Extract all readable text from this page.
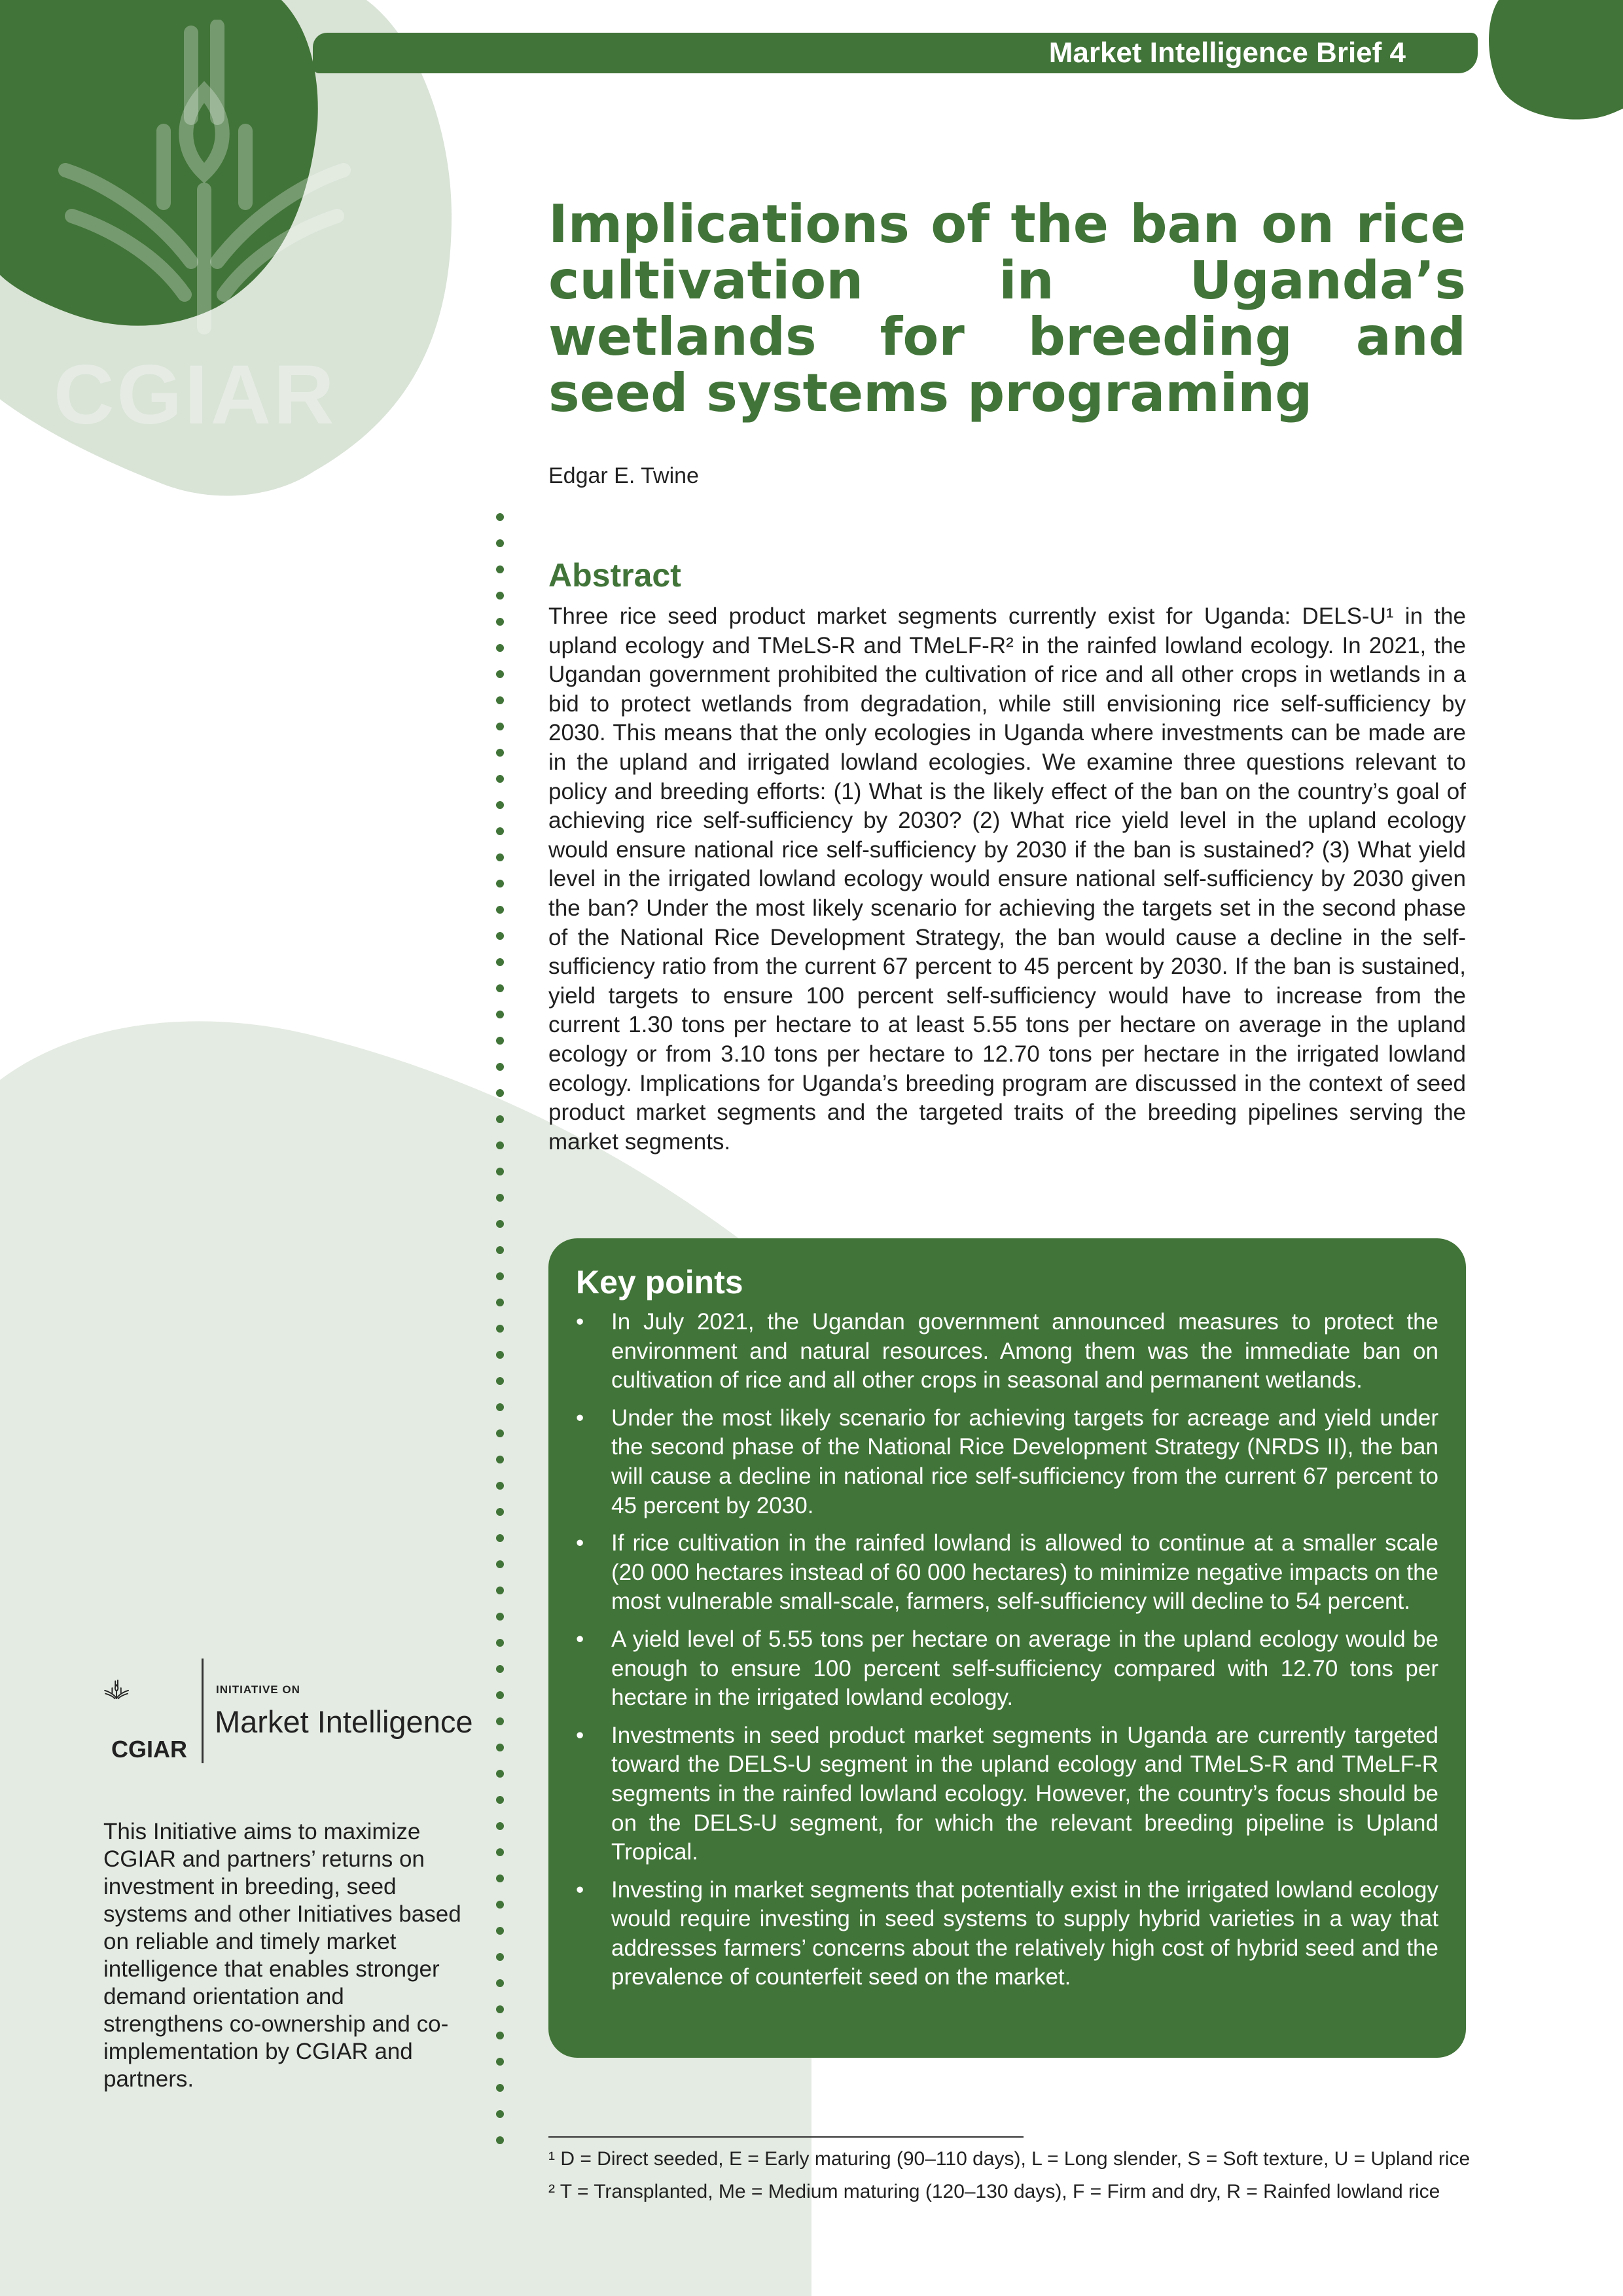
CGIAR
Market Intelligence Brief 4
Implications of the ban on rice cultivation in Uganda’s wetlands for breeding and seed systems programing
Edgar E. Twine
Abstract

Three rice seed product market segments currently exist for Uganda: DELS-U¹ in the upland ecology and TMeLS-R and TMeLF-R² in the rainfed lowland ecology. In 2021, the Ugandan government prohibited the cultivation of rice and all other crops in wetlands in a bid to protect wetlands from degradation, while still envisioning rice self-sufficiency by 2030. This means that the only ecologies in Uganda where investments can be made are in the upland and irrigated lowland ecologies. We examine three questions relevant to policy and breeding efforts: (1) What is the likely effect of the ban on the country’s goal of achieving rice self-sufficiency by 2030? (2) What rice yield level in the upland ecology would ensure national rice self-sufficiency by 2030 if the ban is sustained? (3) What yield level in the irrigated lowland ecology would ensure national self-sufficiency by 2030 given the ban? Under the most likely scenario for achieving the targets set in the second phase of the National Rice Development Strategy, the ban would cause a decline in the self-sufficiency ratio from the current 67 percent to 45 percent by 2030. If the ban is sustained, yield targets to ensure 100 percent self-sufficiency would have to increase from the current 1.30 tons per hectare to at least 5.55 tons per hectare on average in the upland ecology or from 3.10 tons per hectare to 12.70 tons per hectare in the irrigated lowland ecology. Implications for Uganda’s breeding program are discussed in the context of seed product market segments and the targeted traits of the breeding pipelines serving the market segments.

Key points
• In July 2021, the Ugandan government announced measures to protect the environment and natural resources. Among them was the immediate ban on cultivation of rice and all other crops in seasonal and permanent wetlands.
• Under the most likely scenario for achieving targets for acreage and yield under the second phase of the National Rice Development Strategy (NRDS II), the ban will cause a decline in national rice self-sufficiency from the current 67 percent to 45 percent by 2030.
• If rice cultivation in the rainfed lowland is allowed to continue at a smaller scale (20 000 hectares instead of 60 000 hectares) to minimize negative impacts on the most vulnerable small-scale, farmers, self-sufficiency will decline to 54 percent.
• A yield level of 5.55 tons per hectare on average in the upland ecology would be enough to ensure 100 percent self-sufficiency compared with 12.70 tons per hectare in the irrigated lowland ecology.
• Investments in seed product market segments in Uganda are currently targeted toward the DELS-U segment in the upland ecology and TMeLS-R and TMeLF-R segments in the rainfed lowland ecology. However, the country’s focus should be on the DELS-U segment, for which the relevant breeding pipeline is Upland Tropical.
• Investing in market segments that potentially exist in the irrigated lowland ecology would require investing in seed systems to supply hybrid varieties in a way that addresses farmers’ concerns about the relatively high cost of hybrid seed and the prevalence of counterfeit seed on the market.
INITIATIVE ON
Market Intelligence
CGIAR

This Initiative aims to maximize CGIAR and partners’ returns on investment in breeding, seed systems and other Initiatives based on reliable and timely market intelligence that enables stronger demand orientation and strengthens co-ownership and co-implementation by CGIAR and partners.

¹ D = Direct seeded, E = Early maturing (90–110 days), L = Long slender, S = Soft texture, U = Upland rice
² T = Transplanted, Me = Medium maturing (120–130 days), F = Firm and dry, R = Rainfed lowland rice
